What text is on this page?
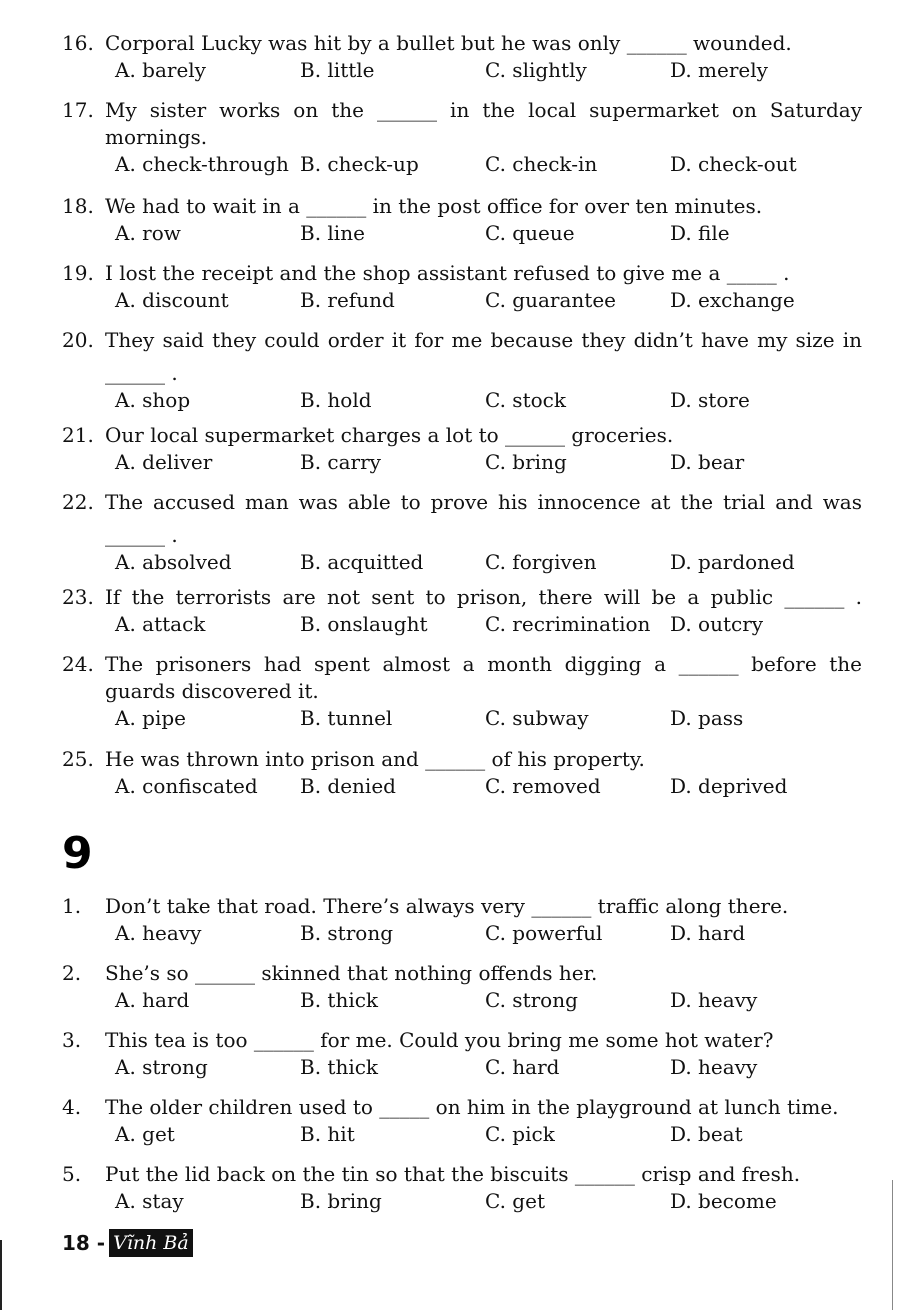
16. Corporal Lucky was hit by a bullet but he was only ______ wounded.
A. barely	B. little	C. slightly	D. merely
17. My sister works on the ______ in the local supermarket on Saturday
mornings.
A. check-through B. check-up	C. check-in	D. check-out
18. We had to wait in a ______ in the post office for over ten minutes.
A. row	B. line	C. queue	D. file
19. I lost the receipt and the shop assistant refused to give me a _____ .
A. discount	B. refund	C. guarantee	D. exchange
20. They said they could order it for me because they didn’t have my size in
______ .
A. shop	B. hold	C. stock	D. store
21. Our local supermarket charges a lot to ______ groceries.
A. deliver	B. carry	C. bring	D. bear
22. The accused man was able to prove his innocence at the trial and was
______ .
A. absolved	B. acquitted	C. forgiven	D. pardoned
23. If the terrorists are not sent to prison, there will be a public ______ .
A. attack	B. onslaught	C. recrimination D. outcry
24. The prisoners had spent almost a month digging a ______ before the
guards discovered it.
A. pipe	B. tunnel	C. subway	D. pass
25. He was thrown into prison and ______ of his property.
A. confiscated B. denied	C. removed	D. deprived
9
1.	Don’t take that road. There’s always very ______ traffic along there.
A. heavy	B. strong	C. powerful	D. hard
2.	She’s so ______ skinned that nothing offends her.
A. hard	B. thick	C. strong	D. heavy
3.	This tea is too ______ for me. Could you bring me some hot water?
A. strong	B. thick	C. hard	D. heavy
4.	The older children used to _____ on him in the playground at lunch time.
A. get	B. hit	C. pick	D. beat
5.	Put the lid back on the tin so that the biscuits ______ crisp and fresh.
A. stay	B. bring	C. get	D. become
18 - Vĩnh Bả
